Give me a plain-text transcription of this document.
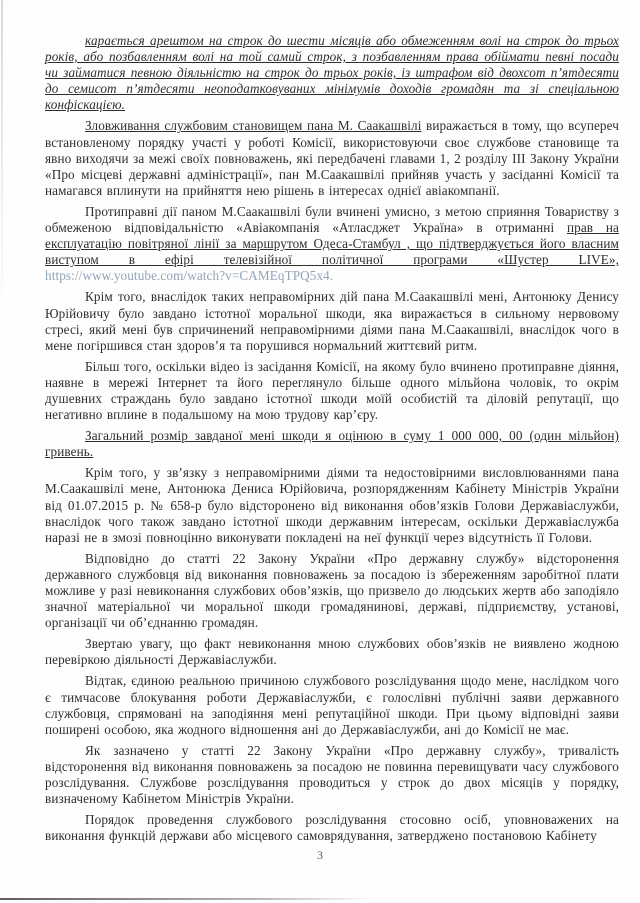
карається арештом на строк до шести місяців або обмеженням волі на строк до трьох років, або позбавленням волі на той самий строк, з позбавленням права обіймати певні посади чи займатися певною діяльністю на строк до трьох років, із штрафом від двохсот п’ятдесяти до семисот п’ятдесяти неоподатковуваних мінімумів доходів громадян та зі спеціальною конфіскацією.

Зловживання службовим становищем пана М. Саакашвілі виражається в тому, що всупереч встановленому порядку участі у роботі Комісії, використовуючи своє службове становище та явно виходячи за межі своїх повноважень, які передбачені главами 1, 2 розділу ІІІ Закону України «Про місцеві державні адміністрації», пан М.Саакашвілі прийняв участь у засіданні Комісії та намагався вплинути на прийняття нею рішень в інтересах однієї авіакомпанії.

Протиправні дії паном М.Саакашвілі були вчинені умисно, з метою сприяння Товариству з обмеженою відповідальністю «Авіакомпанія «Атласджет Україна» в отриманні прав на експлуатацію повітряної лінії за маршрутом Одеса-Стамбул , що підтверджується його власним виступом в ефірі телевізійної політичної програми «Шустер LIVE», https://www.youtube.com/watch?v=CAMEqTPQ5x4.

Крім того, внаслідок таких неправомірних дій пана М.Саакашвілі мені, Антонюку Денису Юрійовичу було завдано істотної моральної шкоди, яка виражається в сильному нервовому стресі, який мені був спричинений неправомірними діями пана М.Саакашвілі, внаслідок чого в мене погіршився стан здоров’я та порушився нормальний життєвий ритм.

Більш того, оскільки відео із засідання Комісії, на якому було вчинено протиправне діяння, наявне в мережі Інтернет та його переглянуло більше одного мільйона чоловік, то окрім душевних страждань було завдано істотної шкоди моїй особистій та діловій репутації, що негативно вплине в подальшому на мою трудову кар’єру.

Загальний розмір завданої мені шкоди я оцінюю в суму 1 000 000, 00 (один мільйон) гривень.

Крім того, у зв’язку з неправомірними діями та недостовірними висловлюваннями пана М.Саакашвілі мене, Антонюка Дениса Юрійовича, розпорядженням Кабінету Міністрів України від 01.07.2015 р. № 658-р було відсторонено від виконання обов’язків Голови Державіаслужби, внаслідок чого також завдано істотної шкоди державним інтересам, оскільки Державіаслужба наразі не в змозі повноцінно виконувати покладені на неї функції через відсутність її Голови.

Відповідно до статті 22 Закону України «Про державну службу» відсторонення державного службовця від виконання повноважень за посадою із збереженням заробітної плати можливе у разі невиконання службових обов’язків, що призвело до людських жертв або заподіяло значної матеріальної чи моральної шкоди громадянинові, державі, підприємству, установі, організації чи об’єднанню громадян.

Звертаю увагу, що факт невиконання мною службових обов’язків не виявлено жодною перевіркою діяльності Державіаслужби.

Відтак, єдиною реальною причиною службового розслідування щодо мене, наслідком чого є тимчасове блокування роботи Державіаслужби, є голослівні публічні заяви державного службовця, спрямовані на заподіяння мені репутаційної шкоди. При цьому відповідні заяви поширені особою, яка жодного відношення ані до Державіаслужби, ані до Комісії не має.

Як зазначено у статті 22 Закону України «Про державну службу», тривалість відсторонення від виконання повноважень за посадою не повинна перевищувати часу службового розслідування. Службове розслідування проводиться у строк до двох місяців у порядку, визначеному Кабінетом Міністрів України.

Порядок проведення службового розслідування стосовно осіб, уповноважених на виконання функцій держави або місцевого самоврядування, затверджено постановою Кабінету

3
